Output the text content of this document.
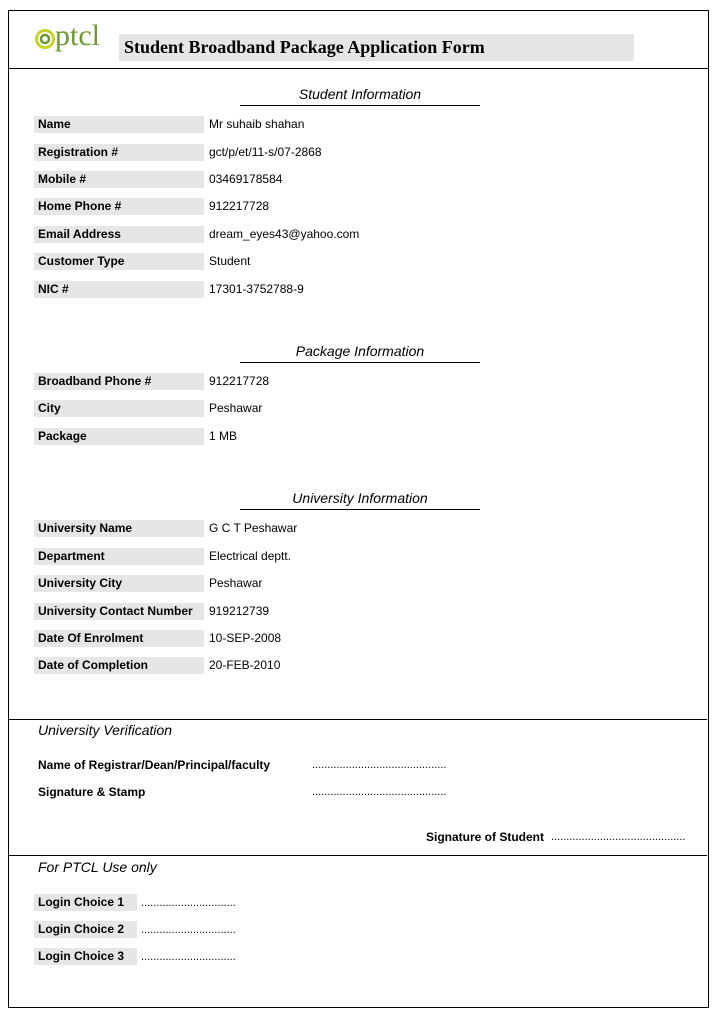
ptcl Student Broadband Package Application Form
Student Information
Name	Mr suhaib shahan
Registration #	gct/p/et/11-s/07-2868
Mobile #	03469178584
Home Phone #	912217728
Email Address	dream_eyes43@yahoo.com
Customer Type	Student
NIC #	17301-3752788-9
Package Information
Broadband Phone #	912217728
City	Peshawar
Package	1 MB
University Information
University Name	G C T Peshawar
Department	Electrical deptt.
University City	Peshawar
University Contact Number	919212739
Date Of Enrolment	10-SEP-2008
Date of Completion	20-FEB-2010
University Verification
Name of Registrar/Dean/Principal/faculty	............................................
Signature & Stamp	............................................
Signature of Student ............................................
For PTCL Use only
Login Choice 1	...............................
Login Choice 2	...............................
Login Choice 3	...............................
